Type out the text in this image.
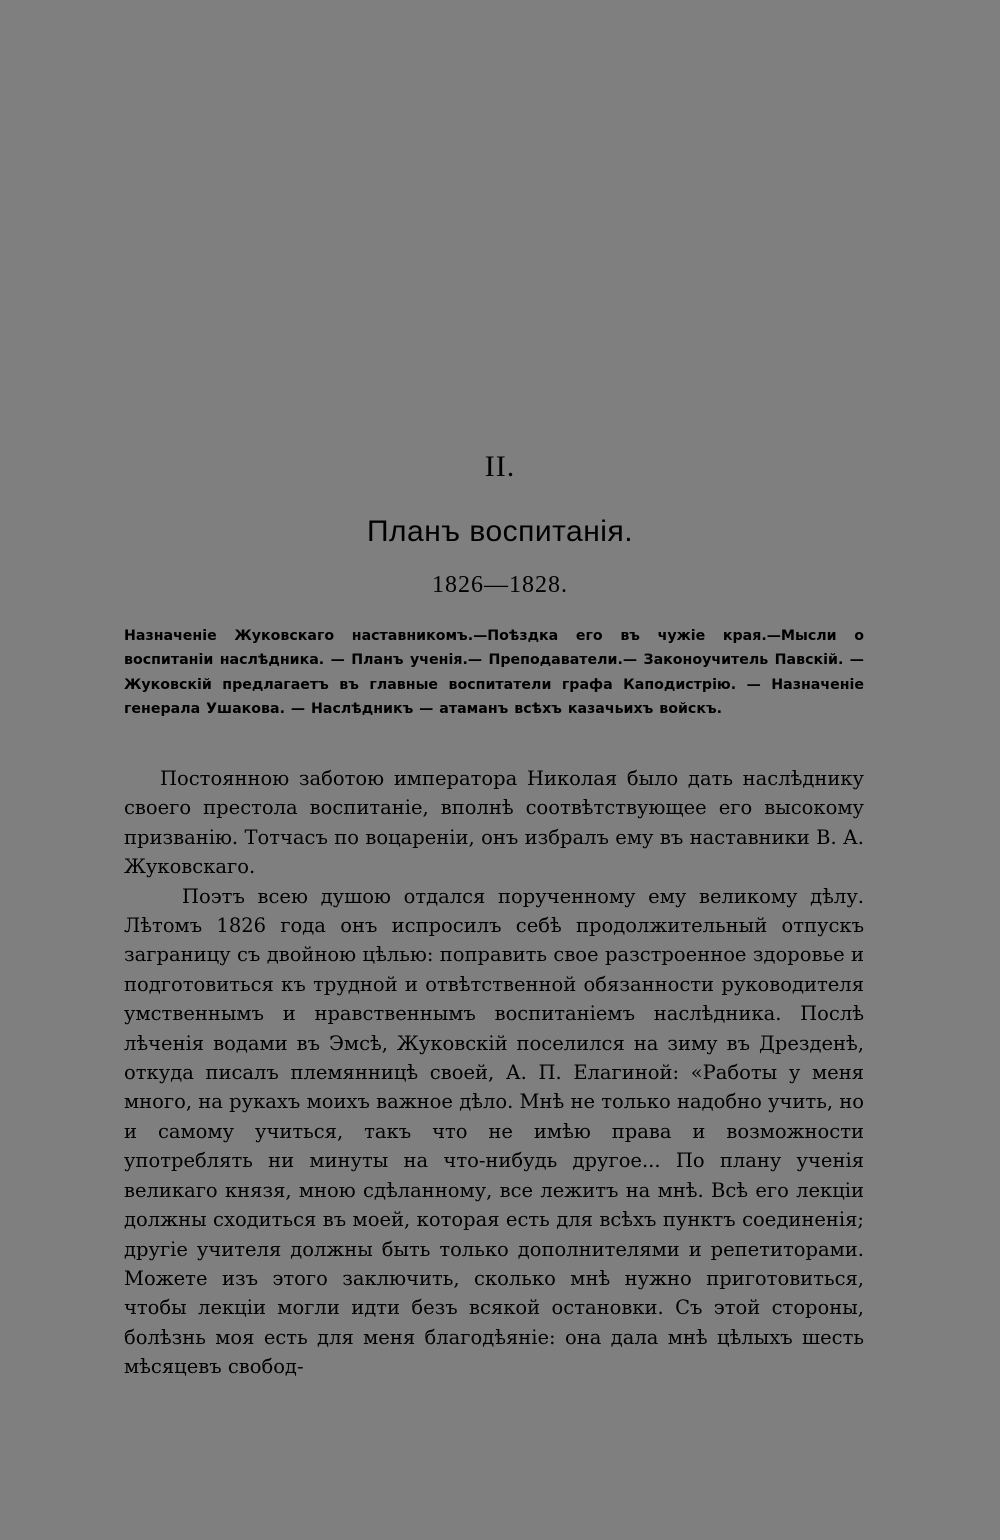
II.
Планъ воспитанія.
1826—1828.
Назначеніе Жуковскаго наставникомъ.—Поѣздка его въ чужіе края.—Мысли о воспитаніи наслѣдника. — Планъ ученія.— Преподаватели.— Законоучитель Павскій. — Жуковскій предлагаетъ въ главные воспитатели графа Каподистрію. — Назначеніе генерала Ушакова. — Наслѣдникъ — атаманъ всѣхъ казачьихъ войскъ.

Постоянною заботою императора Николая было дать наслѣднику своего престола воспитаніе, вполнѣ соотвѣтствующее его высокому призванію. Тотчасъ по воцареніи, онъ избралъ ему въ наставники В. А. Жуковскаго.

Поэтъ всею душою отдался порученному ему великому дѣлу. Лѣтомъ 1826 года онъ испросилъ себѣ продолжительный отпускъ заграницу съ двойною цѣлью: поправить свое разстроенное здоровье и подготовиться къ трудной и отвѣтственной обязанности руководителя умственнымъ и нравственнымъ воспитаніемъ наслѣдника. Послѣ лѣченія водами въ Эмсѣ, Жуковскій поселился на зиму въ Дрезденѣ, откуда писалъ племянницѣ своей, А. П. Елагиной: «Работы у меня много, на рукахъ моихъ важное дѣло. Мнѣ не только надобно учить, но и самому учиться, такъ что не имѣю права и возможности употреблять ни минуты на что-нибудь другое... По плану ученія великаго князя, мною сдѣланному, все лежитъ на мнѣ. Всѣ его лекціи должны сходиться въ моей, которая есть для всѣхъ пунктъ соединенія; другіе учителя должны быть только дополнителями и репетиторами. Можете изъ этого заключить, сколько мнѣ нужно приготовиться, чтобы лекціи могли идти безъ всякой остановки. Съ этой стороны, болѣзнь моя есть для меня благодѣяніе: она дала мнѣ цѣлыхъ шесть мѣсяцевъ свобод-
